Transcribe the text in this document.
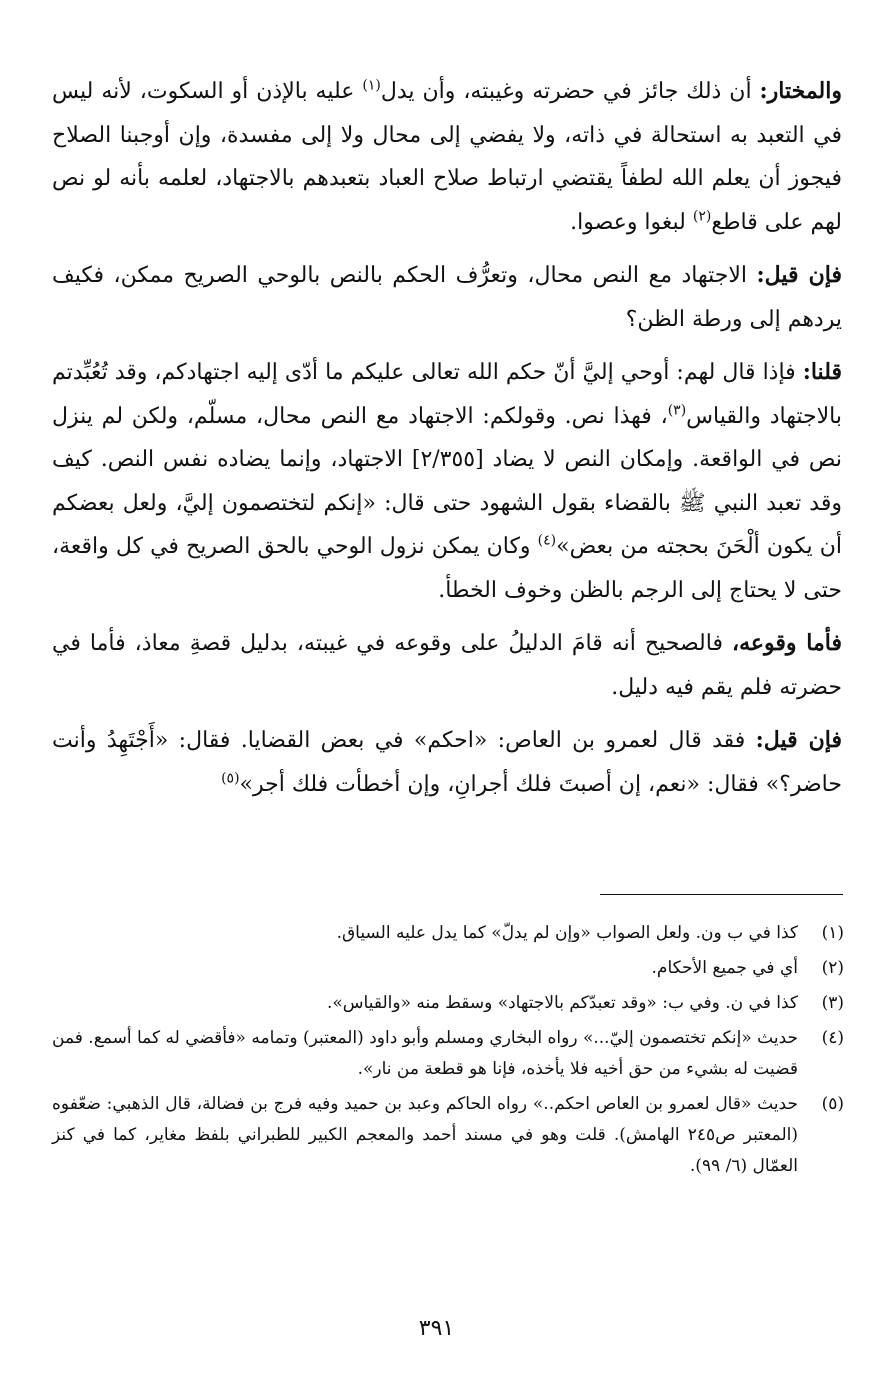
والمختار: أن ذلك جائز في حضرته وغيبته، وأن يدل$^{(١)}$ عليه بالإذن أو السكوت، لأنه ليس في التعبد به استحالة في ذاته، ولا يفضي إلى محال ولا إلى مفسدة، وإن أوجبنا الصلاح فيجوز أن يعلم الله لطفاً يقتضي ارتباط صلاح العباد بتعبدهم بالاجتهاد، لعلمه بأنه لو نص لهم على قاطع$^{(٢)}$ لبغوا وعصوا.

فإن قيل: الاجتهاد مع النص محال، وتعرُّف الحكم بالنص بالوحي الصريح ممكن، فكيف يردهم إلى ورطة الظن؟

قلنا: فإذا قال لهم: أوحي إليَّ أنّ حكم الله تعالى عليكم ما أدّى إليه اجتهادكم، وقد تُعُبِّدتم بالاجتهاد والقياس$^{(٣)}$، فهذا نص. وقولكم: الاجتهاد مع النص محال، مسلّم، ولكن لم ينزل نص في الواقعة. وإمكان النص لا يضاد [٢/٣٥٥] الاجتهاد، وإنما يضاده نفس النص. كيف وقد تعبد النبي ﷺ بالقضاء بقول الشهود حتى قال: «إنكم لتختصمون إليَّ، ولعل بعضكم أن يكون ألْحَنَ بحجته من بعض»$^{(٤)}$ وكان يمكن نزول الوحي بالحق الصريح في كل واقعة، حتى لا يحتاج إلى الرجم بالظن وخوف الخطأ.

فأما وقوعه، فالصحيح أنه قامَ الدليلُ على وقوعه في غيبته، بدليل قصةِ معاذ، فأما في حضرته فلم يقم فيه دليل.

فإن قيل: فقد قال لعمرو بن العاص: «احكم» في بعض القضايا. فقال: «أَجْتَهِدُ وأنت حاضر؟» فقال: «نعم، إن أصبتَ فلك أجرانِ، وإن أخطأت فلك أجر»$^{(٥)}$

(١)
كذا في ب ون. ولعل الصواب «وإن لم يدلّ» كما يدل عليه السياق.
(٢)
أي في جميع الأحكام.
(٣)
كذا في ن. وفي ب: «وقد تعبدّكم بالاجتهاد» وسقط منه «والقياس».
(٤)
حديث «إنكم تختصمون إليّ...» رواه البخاري ومسلم وأبو داود (المعتبر) وتمامه «فأقضي له كما أسمع. فمن قضيت له بشيء من حق أخيه فلا يأخذه، فإنا هو قطعة من نار».
(٥)
حديث «قال لعمرو بن العاص احكم..» رواه الحاكم وعبد بن حميد وفيه فرج بن فضالة، قال الذهبي: ضعّفوه (المعتبر ص٢٤٥ الهامش). قلت وهو في مسند أحمد والمعجم الكبير للطبراني بلفظ مغاير، كما في كنز العمّال (٦/ ٩٩).
٣٩١
